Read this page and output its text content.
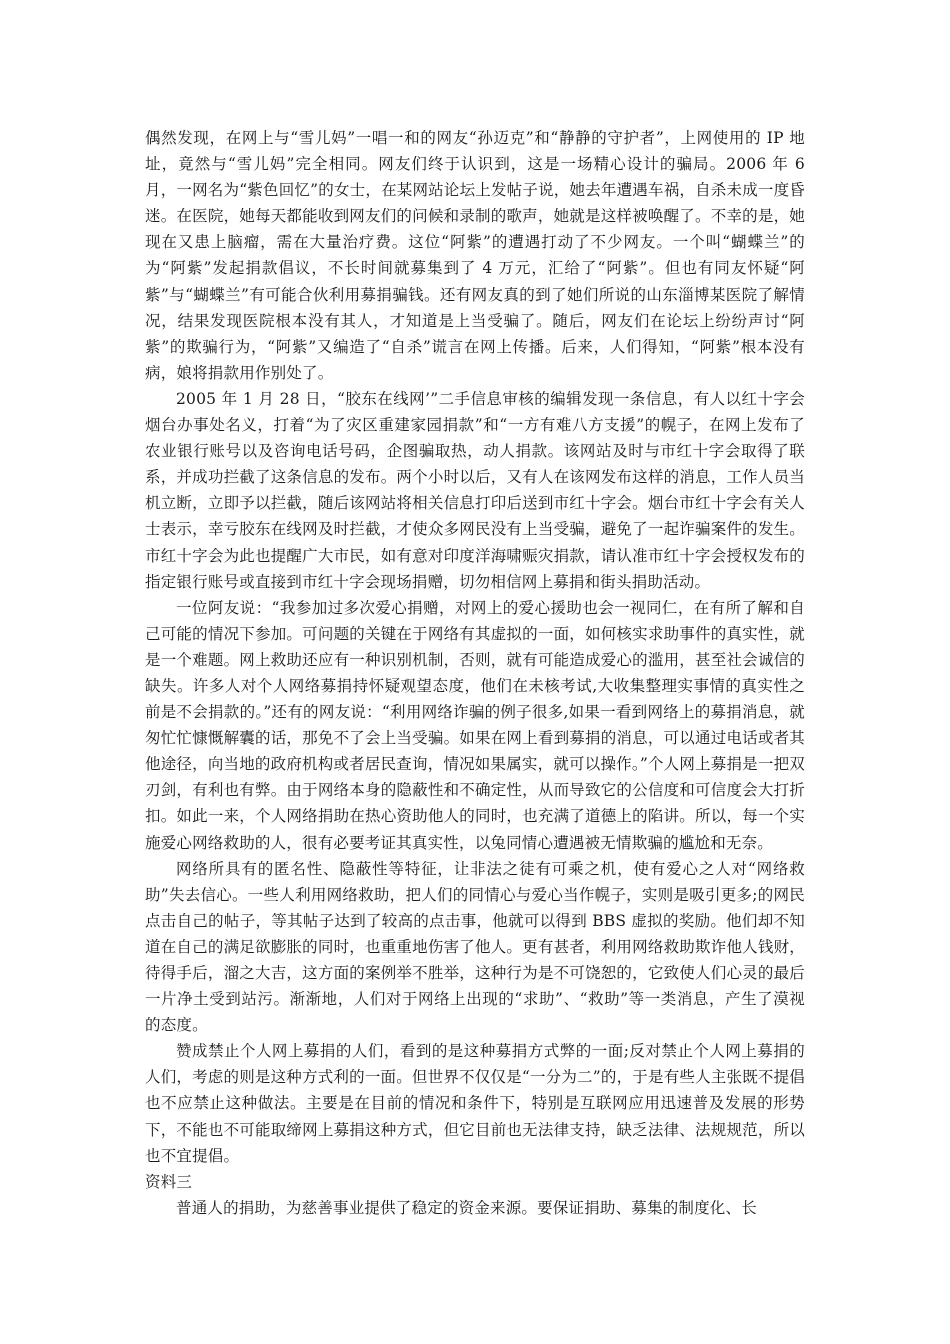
偶然发现，在网上与“雪儿妈”一唱一和的网友“孙迈克”和“静静的守护者”，上网使用的 IP 地址，竟然与“雪儿妈”完全相同。网友们终于认识到，这是一场精心设计的骗局。2006 年 6 月，一网名为“紫色回忆”的女士，在某网站论坛上发帖子说，她去年遭遇车祸，自杀未成一度昏迷。在医院，她每天都能收到网友们的问候和录制的歌声，她就是这样被唤醒了。不幸的是，她现在又患上脑瘤，需在大量治疗费。这位“阿紫”的遭遇打动了不少网友。一个叫“蝴蝶兰”的为“阿紫”发起捐款倡议，不长时间就募集到了 4 万元，汇给了“阿紫”。但也有同友怀疑“阿紫”与“蝴蝶兰”有可能合伙利用募捐骗钱。还有网友真的到了她们所说的山东淄博某医院了解情况，结果发现医院根本没有其人，才知道是上当受骗了。随后，网友们在论坛上纷纷声讨“阿紫”的欺骗行为，“阿紫”又编造了“自杀”谎言在网上传播。后来，人们得知，“阿紫”根本没有病，娘将捐款用作别处了。

2005 年 1 月 28 日，“胶东在线网’”二手信息审核的编辑发现一条信息，有人以红十字会烟台办事处名义，打着“为了灾区重建家园捐款”和“一方有难八方支援”的幌子，在网上发布了农业银行账号以及咨询电话号码，企图骗取热，动人捐款。该网站及时与市红十字会取得了联系，并成功拦截了这条信息的发布。两个小时以后，又有人在该网发布这样的消息，工作人员当机立断，立即予以拦截，随后该网站将相关信息打印后送到市红十字会。烟台市红十字会有关人士表示，幸亏胶东在线网及时拦截，才使众多网民没有上当受骗，避免了一起诈骗案件的发生。市红十字会为此也提醒广大市民，如有意对印度洋海啸赈灾捐款，请认准市红十字会授权发布的指定银行账号或直接到市红十字会现场捐赠，切勿相信网上募捐和街头捐助活动。

一位阿友说：“我参加过多次爱心捐赠，对网上的爱心援助也会一视同仁，在有所了解和自己可能的情况下参加。可问题的关键在于网络有其虚拟的一面，如何核实求助事件的真实性，就是一个难题。网上救助还应有一种识别机制，否则，就有可能造成爱心的滥用，甚至社会诚信的缺失。许多人对个人网络募捐持怀疑观望态度，他们在未核考试,大收集整理实事情的真实性之前是不会捐款的。”还有的网友说：“利用网络诈骗的例子很多,如果一看到网络上的募捐消息，就匆忙忙慷慨解囊的话，那免不了会上当受骗。如果在网上看到募捐的消息，可以通过电话或者其他途径，向当地的政府机构或者居民查询，情况如果属实，就可以操作。”个人网上募捐是一把双刃剑，有利也有弊。由于网络本身的隐蔽性和不确定性，从而导致它的公信度和可信度会大打折扣。如此一来，个人网络捐助在热心资助他人的同时，也充满了道德上的陷讲。所以，每一个实施爱心网络救助的人，很有必要考证其真实性，以兔同情心遭遇被无情欺骗的尴尬和无奈。

网络所具有的匿名性、隐蔽性等特征，让非法之徒有可乘之机，使有爱心之人对“网络救助”失去信心。一些人利用网络救助，把人们的同情心与爱心当作幌子，实则是吸引更多;的网民点击自己的帖子，等其帖子达到了较高的点击事，他就可以得到 BBS 虚拟的奖励。他们却不知道在自己的满足欲膨胀的同时，也重重地伤害了他人。更有甚者，利用网络救助欺诈他人钱财，待得手后，溜之大吉，这方面的案例举不胜举，这种行为是不可饶恕的，它致使人们心灵的最后一片净土受到站污。渐渐地，人们对于网络上出现的“求助”、“救助”等一类消息，产生了漠视的态度。

赞成禁止个人网上募捐的人们，看到的是这种募捐方式弊的一面;反对禁止个人网上募捐的人们，考虑的则是这种方式利的一面。但世界不仅仅是“一分为二”的，于是有些人主张既不提倡也不应禁止这种做法。主要是在目前的情况和条件下，特别是互联网应用迅速普及发展的形势下，不能也不可能取缔网上募捐这种方式，但它目前也无法律支持，缺乏法律、法规规范，所以也不宜提倡。

资料三

普通人的捐助，为慈善事业提供了稳定的资金来源。要保证捐助、募集的制度化、长
